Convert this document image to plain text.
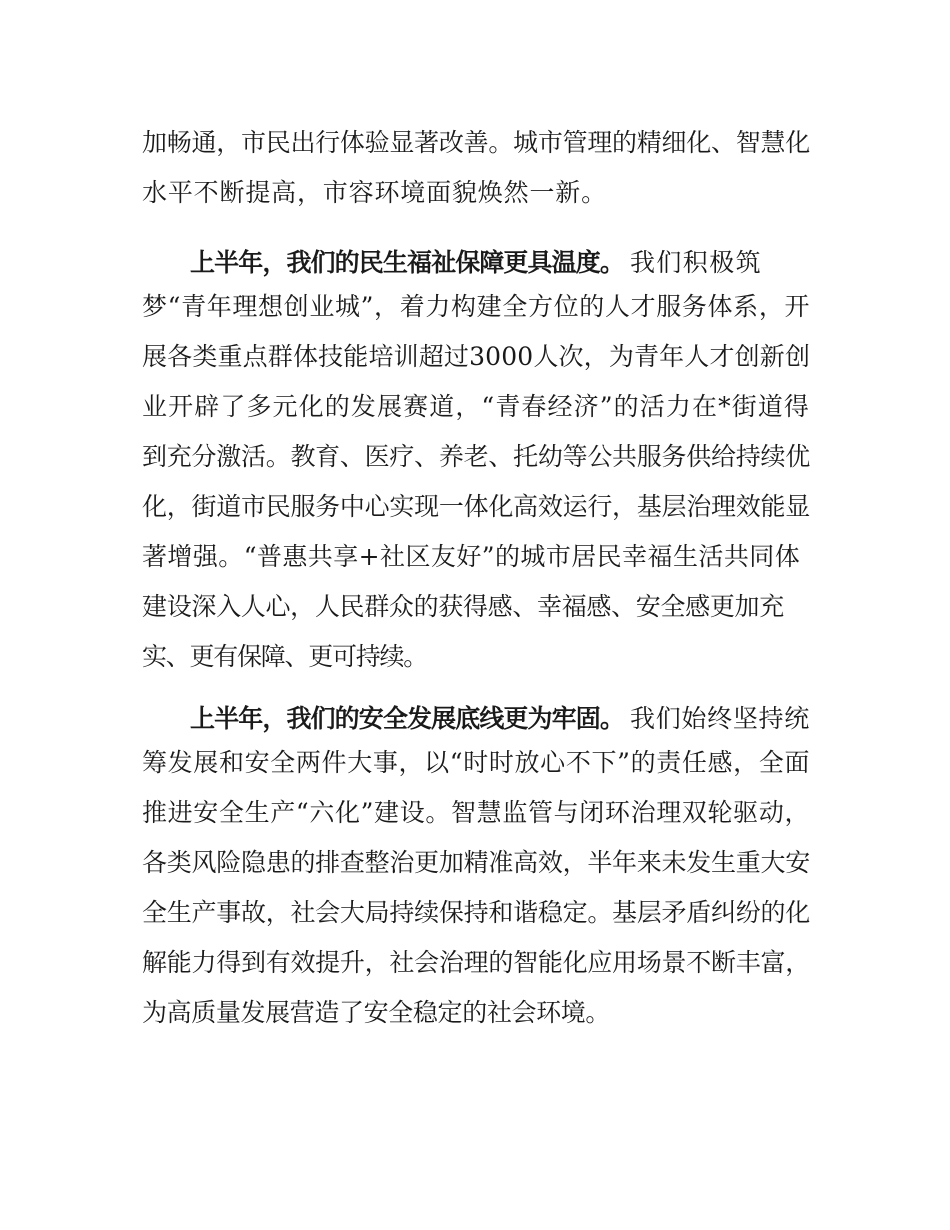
加畅通，市民出行体验显著改善。城市管理的精细化、智慧化
水平不断提高，市容环境面貌焕然一新。
上半年，我们的民生福祉保障更具温度。 我们积极筑
梦“青年理想创业城”，着力构建全方位的人才服务体系，开
展各类重点群体技能培训超过3000人次，为青年人才创新创
业开辟了多元化的发展赛道，“青春经济”的活力在*街道得
到充分激活。教育、医疗、养老、托幼等公共服务供给持续优
化，街道市民服务中心实现一体化高效运行，基层治理效能显
著增强。“普惠共享+社区友好”的城市居民幸福生活共同体
建设深入人心，人民群众的获得感、幸福感、安全感更加充
实、更有保障、更可持续。
上半年，我们的安全发展底线更为牢固。 我们始终坚持统
筹发展和安全两件大事，以“时时放心不下”的责任感，全面
推进安全生产“六化”建设。智慧监管与闭环治理双轮驱动，
各类风险隐患的排查整治更加精准高效，半年来未发生重大安
全生产事故，社会大局持续保持和谐稳定。基层矛盾纠纷的化
解能力得到有效提升，社会治理的智能化应用场景不断丰富，
为高质量发展营造了安全稳定的社会环境。
